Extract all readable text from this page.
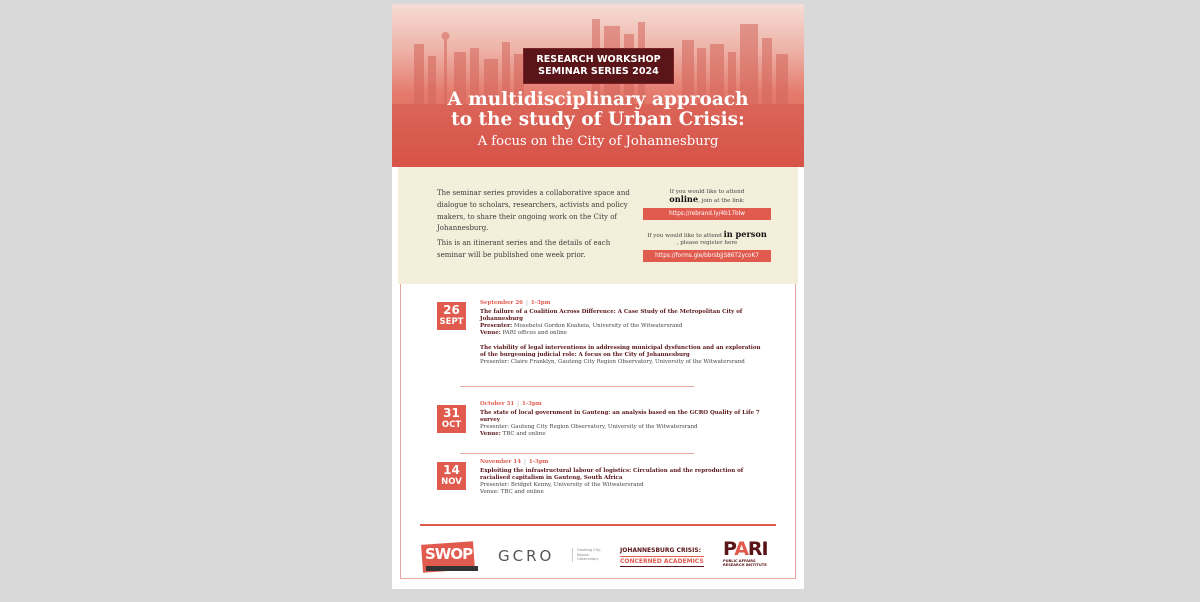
RESEARCH WORKSHOP
SEMINAR SERIES 2024
A multidisciplinary approach
to the study of Urban Crisis:
A focus on the City of Johannesburg

The seminar series provides a collaborative space and dialogue to scholars, researchers, activists and policy makers, to share their ongoing work on the City of Johannesburg.

This is an itinerant series and the details of each seminar will be published one week prior.

If you would like to attend
online, join at the link:
https://rebrand.ly/4b17blw
If you would like to attend in person
, please register here
https://forms.gle/bbrsbjJS86T2ycoK7
26
SEPT
September 26 | 1-3pm
The failure of a Coalition Across Difference: A Case Study of the Metropolitan City of Johannesburg
Presenter: Mosebetsi Gordon Koaheia, University of the Witwatersrand
Venue: PARI offices and online
The viability of legal interventions in addressing municipal dysfunction and an exploration of the burgeoning judicial role: A focus on the City of Johannesburg
Presenter: Claire Franklyn, Gauteng City Region Observatory, University of the Witwatersrand
31
OCT
October 31 | 1-3pm
The state of local government in Gauteng: an analysis based on the GCRO Quality of Life 7 survey
Presenter: Gauteng City Region Observatory, University of the Witwatersrand
Venue: TBC and online
14
NOV
November 14 | 1-3pm
Exploiting the infrastructural labour of logistics: Circulation and the reproduction of racialised capitalism in Gauteng, South Africa
Presenter: Bridget Kenny, University of the Witwatersrand
Venue: TBC and online
SWOP GCRO	Gauteng City-Region Observatory
JOHANNESBURG CRISIS:
CONCERNED ACADEMICS
PARI
PUBLIC AFFAIRS
RESEARCH INSTITUTE
